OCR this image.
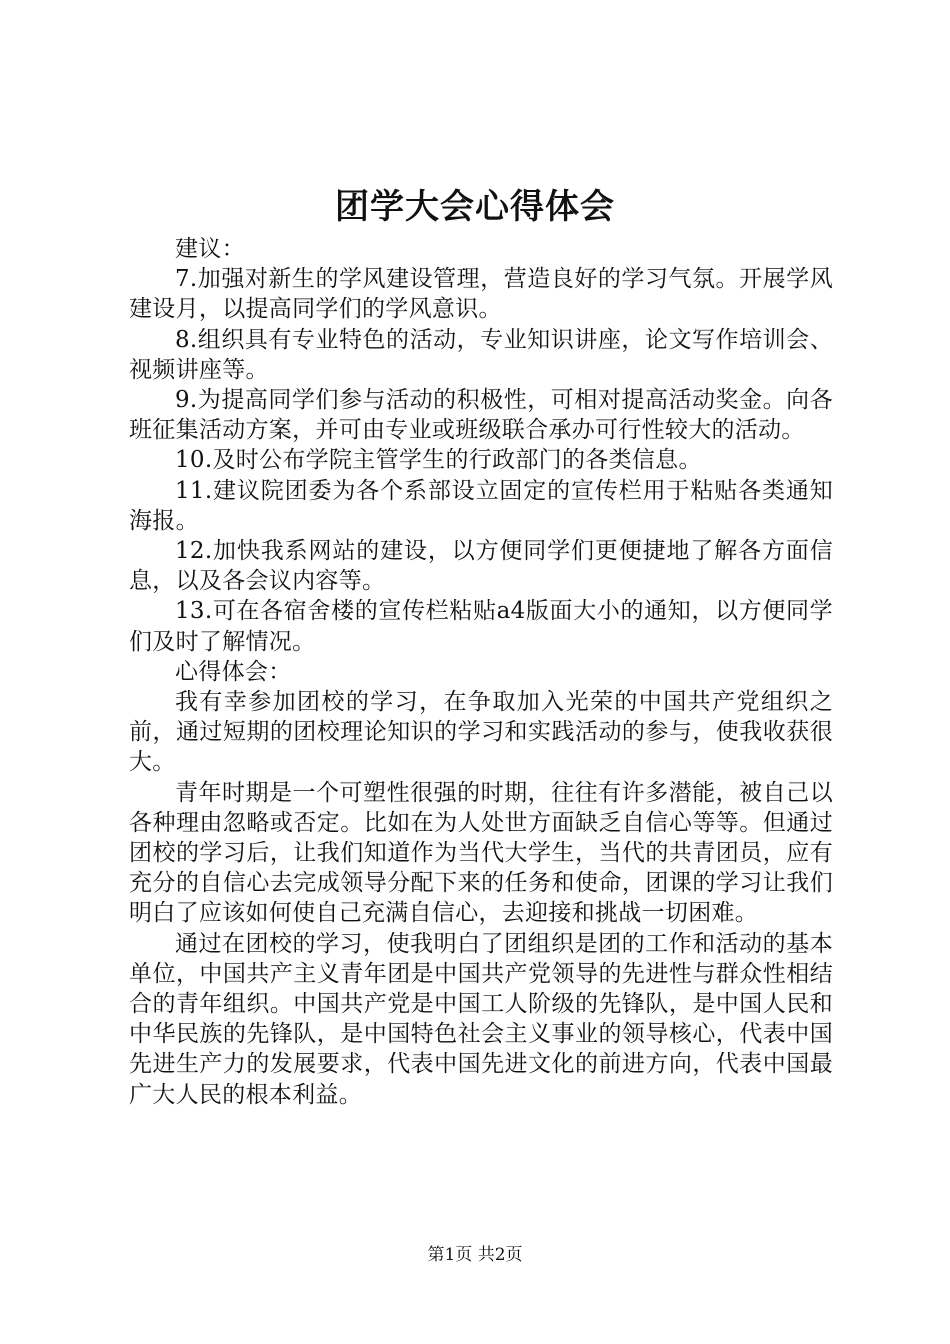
团学大会心得体会

建议：

7.加强对新生的学风建设管理，营造良好的学习气氛。开展学风建设月，以提高同学们的学风意识。

8.组织具有专业特色的活动，专业知识讲座，论文写作培训会、视频讲座等。

9.为提高同学们参与活动的积极性，可相对提高活动奖金。向各班征集活动方案，并可由专业或班级联合承办可行性较大的活动。

10.及时公布学院主管学生的行政部门的各类信息。

11.建议院团委为各个系部设立固定的宣传栏用于粘贴各类通知海报。

12.加快我系网站的建设，以方便同学们更便捷地了解各方面信息，以及各会议内容等。

13.可在各宿舍楼的宣传栏粘贴a4版面大小的通知，以方便同学们及时了解情况。

心得体会：

我有幸参加团校的学习，在争取加入光荣的中国共产党组织之前，通过短期的团校理论知识的学习和实践活动的参与，使我收获很大。

青年时期是一个可塑性很强的时期，往往有许多潜能，被自己以各种理由忽略或否定。比如在为人处世方面缺乏自信心等等。但通过团校的学习后，让我们知道作为当代大学生，当代的共青团员，应有充分的自信心去完成领导分配下来的任务和使命，团课的学习让我们明白了应该如何使自己充满自信心，去迎接和挑战一切困难。

通过在团校的学习，使我明白了团组织是团的工作和活动的基本单位，中国共产主义青年团是中国共产党领导的先进性与群众性相结合的青年组织。中国共产党是中国工人阶级的先锋队，是中国人民和中华民族的先锋队，是中国特色社会主义事业的领导核心，代表中国先进生产力的发展要求，代表中国先进文化的前进方向，代表中国最广大人民的根本利益。

第1页 共2页
